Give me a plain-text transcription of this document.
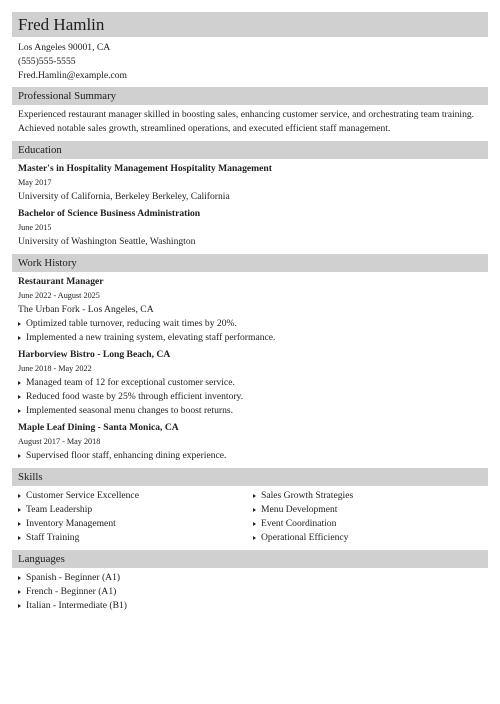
Fred Hamlin
Los Angeles 90001, CA
(555)555-5555
Fred.Hamlin@example.com
Professional Summary
Experienced restaurant manager skilled in boosting sales, enhancing customer service, and orchestrating team training.
Achieved notable sales growth, streamlined operations, and executed efficient staff management.
Education
Master's in Hospitality Management Hospitality Management
May 2017
University of California, Berkeley Berkeley, California
Bachelor of Science Business Administration
June 2015
University of Washington Seattle, Washington
Work History
Restaurant Manager
June 2022 - August 2025
The Urban Fork - Los Angeles, CA
Optimized table turnover, reducing wait times by 20%.
Implemented a new training system, elevating staff performance.
Harborview Bistro - Long Beach, CA
June 2018 - May 2022
Managed team of 12 for exceptional customer service.
Reduced food waste by 25% through efficient inventory.
Implemented seasonal menu changes to boost returns.
Maple Leaf Dining - Santa Monica, CA
August 2017 - May 2018
Supervised floor staff, enhancing dining experience.
Skills
Customer Service Excellence
Team Leadership
Inventory Management
Staff Training
Sales Growth Strategies
Menu Development
Event Coordination
Operational Efficiency
Languages
Spanish - Beginner (A1)
French - Beginner (A1)
Italian - Intermediate (B1)
